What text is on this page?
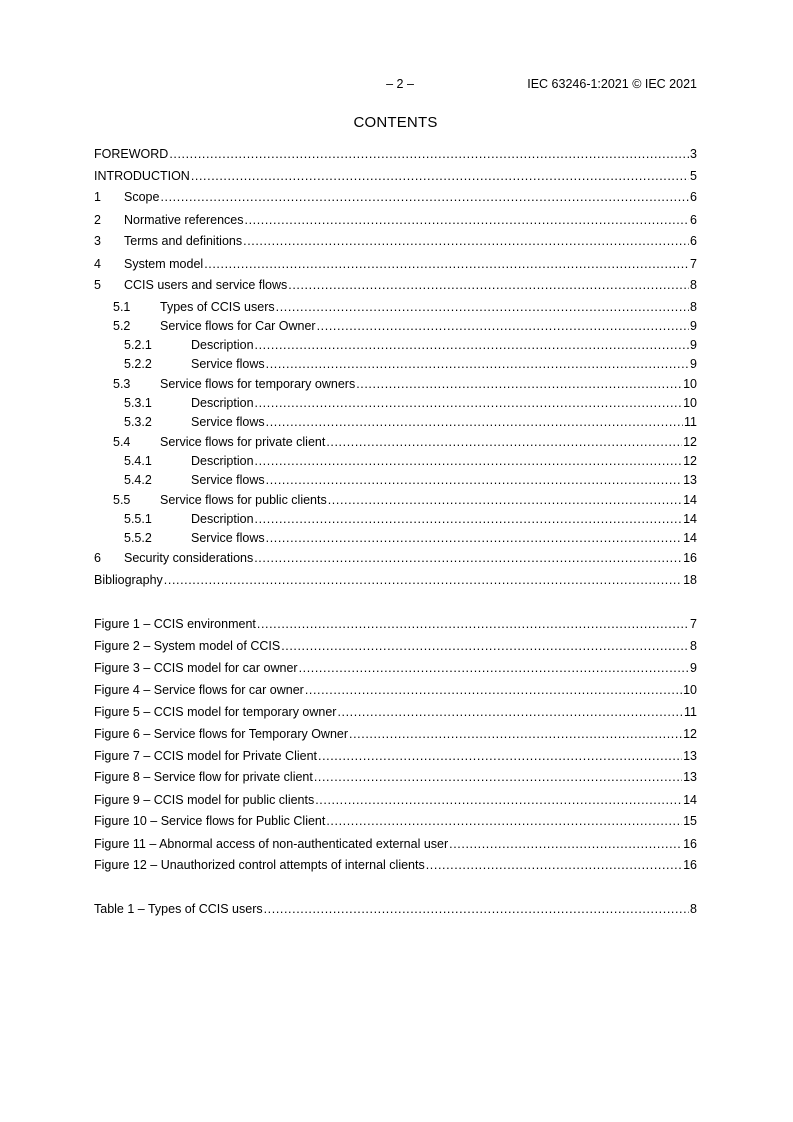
– 2 –	IEC 63246-1:2021 © IEC 2021
CONTENTS
FOREWORD .....	3
INTRODUCTION .....	5
1	Scope .....	6
2	Normative references .....	6
3	Terms and definitions .....	6
4	System model .....	7
5	CCIS users and service flows .....	8
5.1	Types of CCIS users .....	8
5.2	Service flows for Car Owner .....	9
5.2.1	Description .....	9
5.2.2	Service flows .....	9
5.3	Service flows for temporary owners .....	10
5.3.1	Description .....	10
5.3.2	Service flows .....	11
5.4	Service flows for private client .....	12
5.4.1	Description .....	12
5.4.2	Service flows .....	13
5.5	Service flows for public clients .....	14
5.5.1	Description .....	14
5.5.2	Service flows .....	14
6	Security considerations .....	16
Bibliography .....	18
Figure 1 – CCIS environment .....	7
Figure 2 – System model of CCIS .....	8
Figure 3 – CCIS model for car owner .....	9
Figure 4 – Service flows for car owner .....	10
Figure 5 – CCIS model for temporary owner .....	11
Figure 6 – Service flows for Temporary Owner .....	12
Figure 7 – CCIS model for Private Client .....	13
Figure 8 – Service flow for private client .....	13
Figure 9 – CCIS model for public clients .....	14
Figure 10 – Service flows for Public Client .....	15
Figure 11 – Abnormal access of non-authenticated external user .....	16
Figure 12 – Unauthorized control attempts of internal clients .....	16
Table 1 – Types of CCIS users .....	8
